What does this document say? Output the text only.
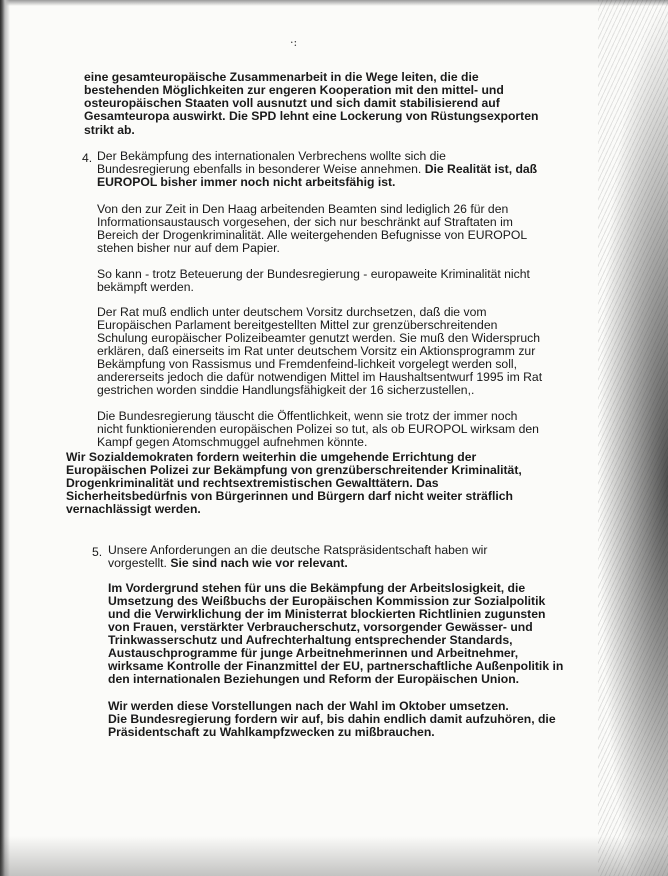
·:
eine gesamteuropäische Zusammenarbeit in die Wege leiten, die die
bestehenden Möglichkeiten zur engeren Kooperation mit den mittel- und
osteuropäischen Staaten voll ausnutzt und sich damit stabilisierend auf
Gesamteuropa auswirkt. Die SPD lehnt eine Lockerung von Rüstungsexporten
strikt ab.
4. Der Bekämpfung des internationalen Verbrechens wollte sich die
Bundesregierung ebenfalls in besonderer Weise annehmen. Die Realität ist, daß
EUROPOL bisher immer noch nicht arbeitsfähig ist.
Von den zur Zeit in Den Haag arbeitenden Beamten sind lediglich 26 für den
Informationsaustausch vorgesehen, der sich nur beschränkt auf Straftaten im
Bereich der Drogenkriminalität. Alle weitergehenden Befugnisse von EUROPOL
stehen bisher nur auf dem Papier.
So kann - trotz Beteuerung der Bundesregierung - europaweite Kriminalität nicht
bekämpft werden.
Der Rat muß endlich unter deutschem Vorsitz durchsetzen, daß die vom
Europäischen Parlament bereitgestellten Mittel zur grenzüberschreitenden
Schulung europäischer Polizeibeamter genutzt werden. Sie muß den Widerspruch
erklären, daß einerseits im Rat unter deutschem Vorsitz ein Aktionsprogramm zur
Bekämpfung von Rassismus und Fremdenfeind-lichkeit vorgelegt werden soll,
andererseits jedoch die dafür notwendigen Mittel im Haushaltsentwurf 1995 im Rat
gestrichen worden sinddie Handlungsfähigkeit der 16 sicherzustellen,.
Die Bundesregierung täuscht die Öffentlichkeit, wenn sie trotz der immer noch
nicht funktionierenden europäischen Polizei so tut, als ob EUROPOL wirksam den
Kampf gegen Atomschmuggel aufnehmen könnte.
Wir Sozialdemokraten fordern weiterhin die umgehende Errichtung der
Europäischen Polizei zur Bekämpfung von grenzüberschreitender Kriminalität,
Drogenkriminalität und rechtsextremistischen Gewalttätern. Das
Sicherheitsbedürfnis von Bürgerinnen und Bürgern darf nicht weiter sträflich
vernachlässigt werden.
5. Unsere Anforderungen an die deutsche Ratspräsidentschaft haben wir
vorgestellt. Sie sind nach wie vor relevant.
Im Vordergrund stehen für uns die Bekämpfung der Arbeitslosigkeit, die
Umsetzung des Weißbuchs der Europäischen Kommission zur Sozialpolitik
und die Verwirklichung der im Ministerrat blockierten Richtlinien zugunsten
von Frauen, verstärkter Verbraucherschutz, vorsorgender Gewässer- und
Trinkwasserschutz und Aufrechterhaltung entsprechender Standards,
Austauschprogramme für junge Arbeitnehmerinnen und Arbeitnehmer,
wirksame Kontrolle der Finanzmittel der EU, partnerschaftliche Außenpolitik in
den internationalen Beziehungen und Reform der Europäischen Union.
Wir werden diese Vorstellungen nach der Wahl im Oktober umsetzen.
Die Bundesregierung fordern wir auf, bis dahin endlich damit aufzuhören, die
Präsidentschaft zu Wahlkampfzwecken zu mißbrauchen.
